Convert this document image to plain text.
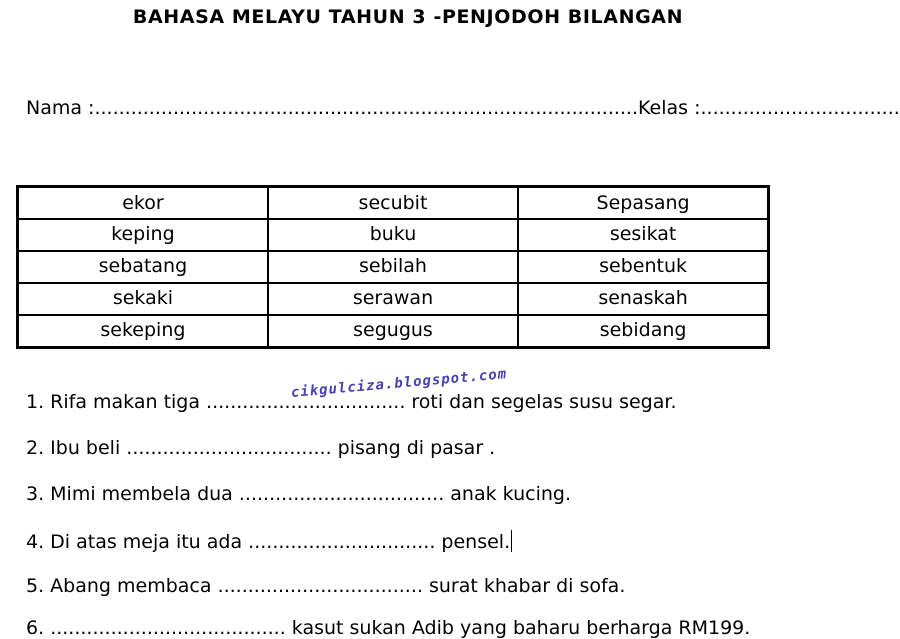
BAHASA MELAYU TAHUN 3 -PENJODOH BILANGAN
Nama :..........................................................................................Kelas :.................................
ekor	secubit	Sepasang
keping	buku	sesikat
sebatang	sebilah	sebentuk
sekaki	serawan	senaskah
sekeping	segugus	sebidang
1. Rifa makan tiga ................................. roti dan segelas susu segar.
cikgulciza.blogspot.com
2. Ibu beli .................................. pisang di pasar .
3. Mimi membela dua .................................. anak kucing.
4. Di atas meja itu ada ............................... pensel.
5. Abang membaca .................................. surat khabar di sofa.
6. ....................................... kasut sukan Adib yang baharu berharga RM199.
